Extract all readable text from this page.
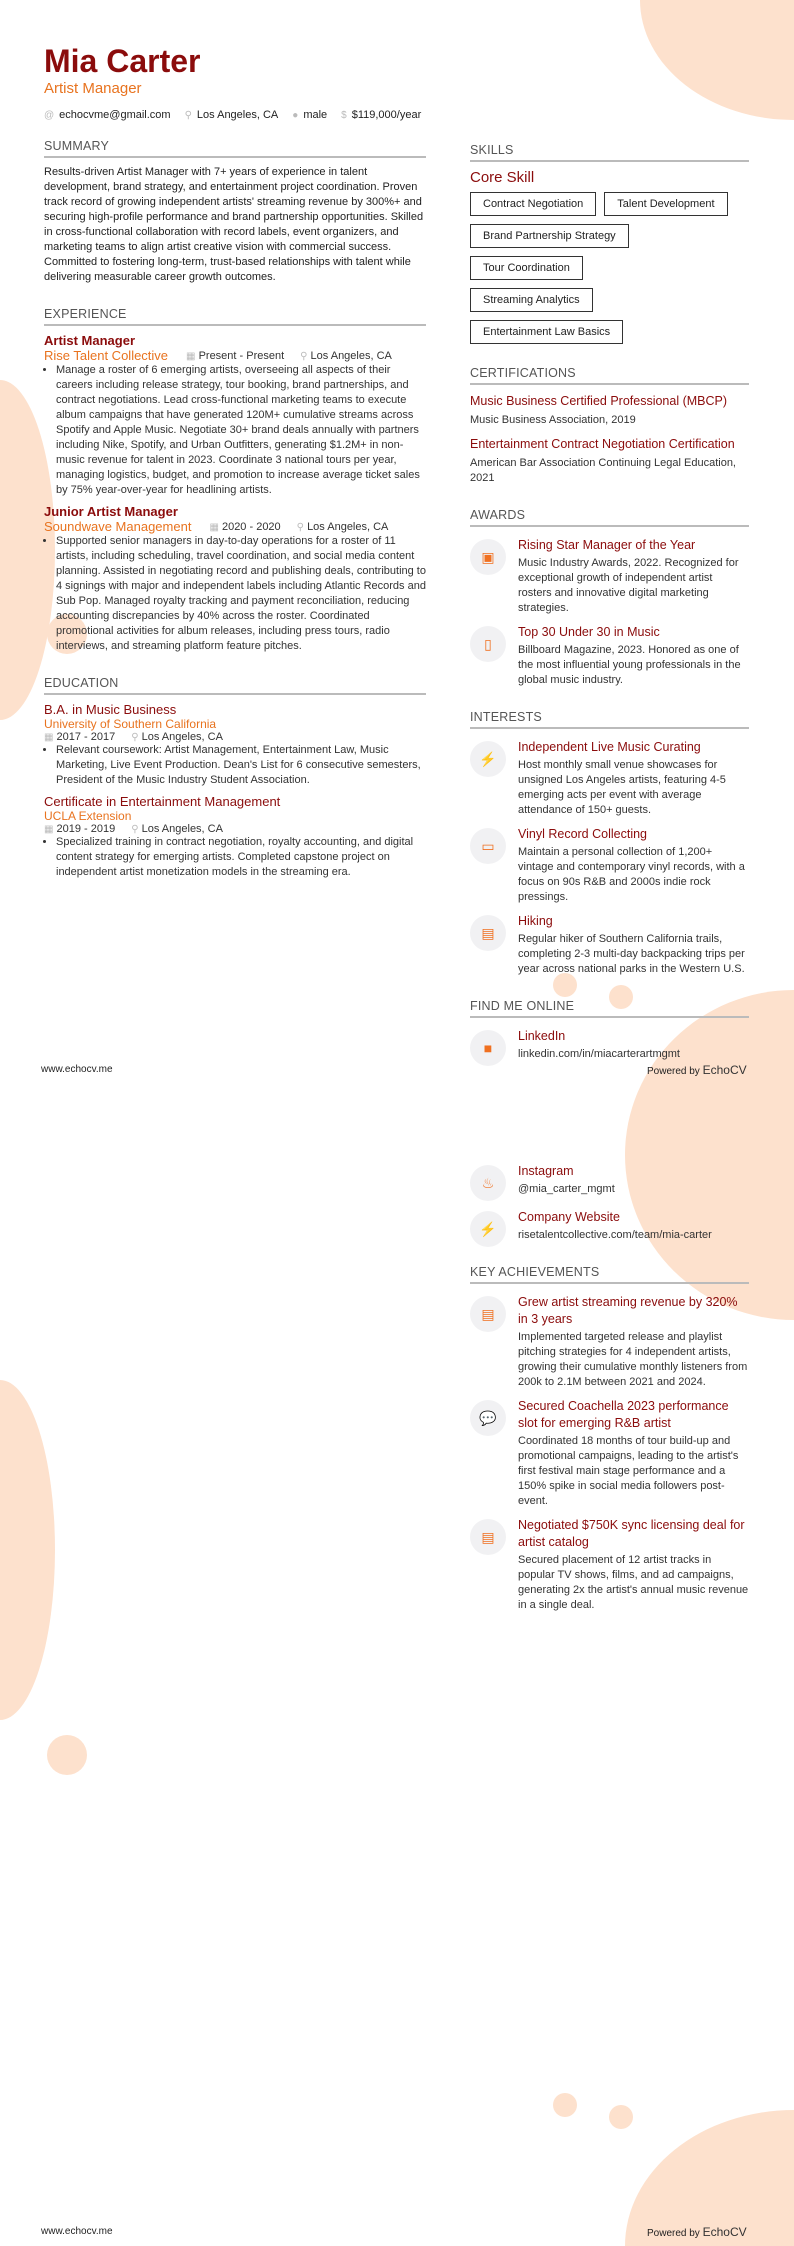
Mia Carter
Artist Manager
@ echocvme@gmail.com ⚲ Los Angeles, CA ● male $ $119,000/year
SUMMARY

Results-driven Artist Manager with 7+ years of experience in talent development, brand strategy, and entertainment project coordination. Proven track record of growing independent artists' streaming revenue by 300%+ and securing high-profile performance and brand partnership opportunities. Skilled in cross-functional collaboration with record labels, event organizers, and marketing teams to align artist creative vision with commercial success. Committed to fostering long-term, trust-based relationships with talent while delivering measurable career growth outcomes.

EXPERIENCE
Artist Manager
Rise Talent Collective ▦ Present - Present ⚲ Los Angeles, CA
• Manage a roster of 6 emerging artists, overseeing all aspects of their careers including release strategy, tour booking, brand partnerships, and contract negotiations. Lead cross-functional marketing teams to execute album campaigns that have generated 120M+ cumulative streams across Spotify and Apple Music. Negotiate 30+ brand deals annually with partners including Nike, Spotify, and Urban Outfitters, generating $1.2M+ in non-music revenue for talent in 2023. Coordinate 3 national tours per year, managing logistics, budget, and promotion to increase average ticket sales by 75% year-over-year for headlining artists.
Junior Artist Manager
Soundwave Management ▦ 2020 - 2020 ⚲ Los Angeles, CA
• Supported senior managers in day-to-day operations for a roster of 11 artists, including scheduling, travel coordination, and social media content planning. Assisted in negotiating record and publishing deals, contributing to 4 signings with major and independent labels including Atlantic Records and Sub Pop. Managed royalty tracking and payment reconciliation, reducing accounting discrepancies by 40% across the roster. Coordinated promotional activities for album releases, including press tours, radio interviews, and streaming platform feature pitches.
EDUCATION
B.A. in Music Business
University of Southern California
▦ 2017 - 2017 ⚲ Los Angeles, CA
• Relevant coursework: Artist Management, Entertainment Law, Music Marketing, Live Event Production. Dean's List for 6 consecutive semesters, President of the Music Industry Student Association.
Certificate in Entertainment Management
UCLA Extension
▦ 2019 - 2019 ⚲ Los Angeles, CA
• Specialized training in contract negotiation, royalty accounting, and digital content strategy for emerging artists. Completed capstone project on independent artist monetization models in the streaming era.
SKILLS
Core Skill
Contract Negotiation	Talent Development
Brand Partnership Strategy
Tour Coordination
Streaming Analytics
Entertainment Law Basics
CERTIFICATIONS
Music Business Certified Professional (MBCP)
Music Business Association, 2019
Entertainment Contract Negotiation Certification
American Bar Association Continuing Legal Education, 2021
AWARDS
▣
Rising Star Manager of the Year
Music Industry Awards, 2022. Recognized for exceptional growth of independent artist rosters and innovative digital marketing strategies.
▯
Top 30 Under 30 in Music
Billboard Magazine, 2023. Honored as one of the most influential young professionals in the global music industry.
INTERESTS
⚡
Independent Live Music Curating
Host monthly small venue showcases for unsigned Los Angeles artists, featuring 4-5 emerging acts per event with average attendance of 150+ guests.
▭
Vinyl Record Collecting
Maintain a personal collection of 1,200+ vintage and contemporary vinyl records, with a focus on 90s R&B and 2000s indie rock pressings.
▤
Hiking
Regular hiker of Southern California trails, completing 2-3 multi-day backpacking trips per year across national parks in the Western U.S.
FIND ME ONLINE
■
LinkedIn
linkedin.com/in/miacarterartmgmt
www.echocv.me	Powered by EchoCV
♨
Instagram
@mia_carter_mgmt
⚡
Company Website
risetalentcollective.com/team/mia-carter
KEY ACHIEVEMENTS
▤
Grew artist streaming revenue by 320% in 3 years
Implemented targeted release and playlist pitching strategies for 4 independent artists, growing their cumulative monthly listeners from 200k to 2.1M between 2021 and 2024.
💬
Secured Coachella 2023 performance slot for emerging R&B artist
Coordinated 18 months of tour build-up and promotional campaigns, leading to the artist's first festival main stage performance and a 150% spike in social media followers post-event.
▤
Negotiated $750K sync licensing deal for artist catalog
Secured placement of 12 artist tracks in popular TV shows, films, and ad campaigns, generating 2x the artist's annual music revenue in a single deal.
www.echocv.me	Powered by EchoCV
